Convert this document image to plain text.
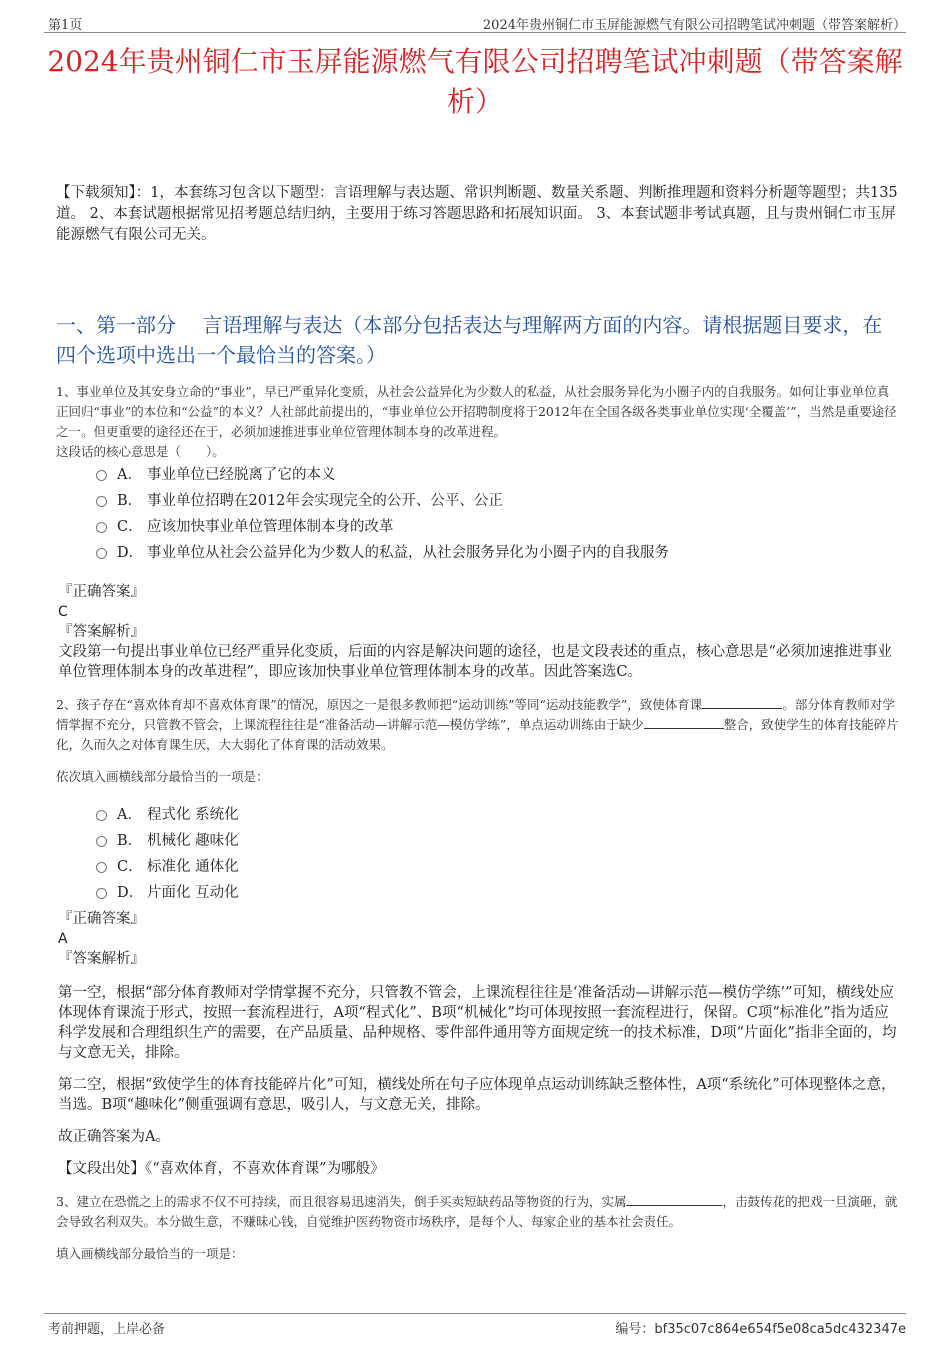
第1页	2024年贵州铜仁市玉屏能源燃气有限公司招聘笔试冲刺题（带答案解析）
2024年贵州铜仁市玉屏能源燃气有限公司招聘笔试冲刺题（带答案解析）
【下载须知】：1，本套练习包含以下题型：言语理解与表达题、常识判断题、数量关系题、判断推理题和资料分析题等题型；共135道。 2、本套试题根据常见招考题总结归纳，主要用于练习答题思路和拓展知识面。 3、本套试题非考试真题，且与贵州铜仁市玉屏能源燃气有限公司无关。
一、第一部分　 言语理解与表达（本部分包括表达与理解两方面的内容。请根据题目要求，在四个选项中选出一个最恰当的答案。）
1、事业单位及其安身立命的“事业”，早已严重异化变质，从社会公益异化为少数人的私益，从社会服务异化为小圈子内的自我服务。如何让事业单位真正回归“事业”的本位和“公益”的本义？人社部此前提出的，“事业单位公开招聘制度将于2012年在全国各级各类事业单位实现‘全覆盖’”，当然是重要途径之一。但更重要的途径还在于，必须加速推进事业单位管理体制本身的改革进程。
这段话的核心意思是（　　）。
A． 事业单位已经脱离了它的本义
B． 事业单位招聘在2012年会实现完全的公开、公平、公正
C． 应该加快事业单位管理体制本身的改革
D． 事业单位从社会公益异化为少数人的私益，从社会服务异化为小圈子内的自我服务
『正确答案』
C
『答案解析』
文段第一句提出事业单位已经严重异化变质，后面的内容是解决问题的途径，也是文段表述的重点，核心意思是“必须加速推进事业单位管理体制本身的改革进程”，即应该加快事业单位管理体制本身的改革。因此答案选C。
2、孩子存在“喜欢体育却不喜欢体育课”的情况，原因之一是很多教师把“运动训练”等同“运动技能教学”，致使体育课	。部分体育教师对学情掌握不充分，只管教不管会，上课流程往往是“准备活动—讲解示范—模仿学练”，单点运动训练由于缺少	整合，致使学生的体育技能碎片化，久而久之对体育课生厌，大大弱化了体育课的活动效果。
依次填入画横线部分最恰当的一项是：
A． 程式化 系统化
B． 机械化 趣味化
C． 标准化 通体化
D． 片面化 互动化
『正确答案』
A
『答案解析』
第一空，根据“部分体育教师对学情掌握不充分，只管教不管会，上课流程往往是‘准备活动—讲解示范—模仿学练’”可知，横线处应体现体育课流于形式，按照一套流程进行，A项“程式化”、B项“机械化”均可体现按照一套流程进行，保留。C项“标准化”指为适应科学发展和合理组织生产的需要，在产品质量、品种规格、零件部件通用等方面规定统一的技术标准，D项“片面化”指非全面的，均与文意无关，排除。
第二空，根据“致使学生的体育技能碎片化”可知，横线处所在句子应体现单点运动训练缺乏整体性，A项“系统化”可体现整体之意，当选。B项“趣味化”侧重强调有意思，吸引人，与文意无关，排除。
故正确答案为A。
【文段出处】《“喜欢体育，不喜欢体育课”为哪般》
3、建立在恐慌之上的需求不仅不可持续，而且很容易迅速消失，倒手买卖短缺药品等物资的行为，实属	，击鼓传花的把戏一旦演砸，就会导致名利双失。本分做生意，不赚昧心钱，自觉维护医药物资市场秩序，是每个人、每家企业的基本社会责任。
填入画横线部分最恰当的一项是：
考前押题，上岸必备	编号：bf35c07c864e654f5e08ca5dc432347e
